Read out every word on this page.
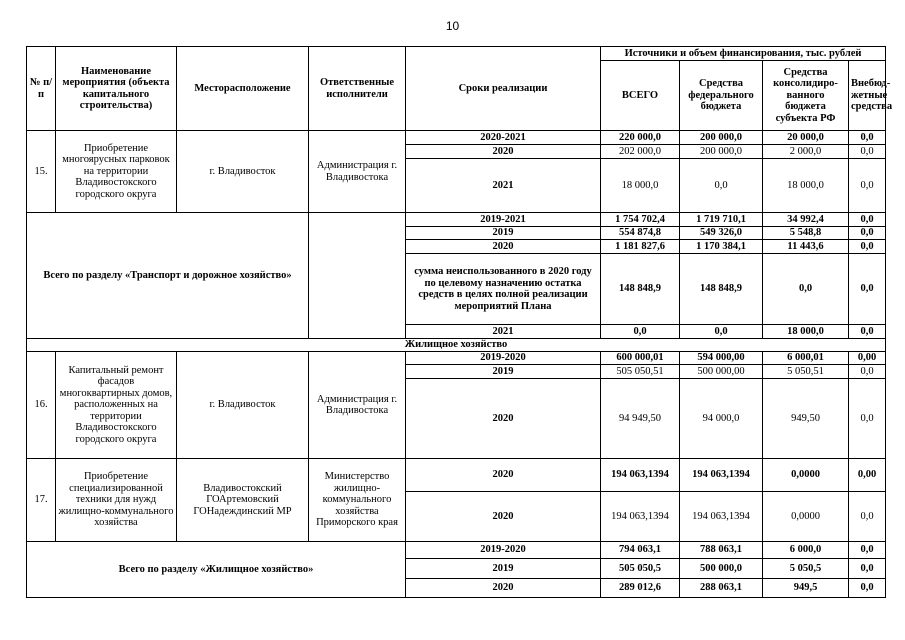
10
№ п/п	Наименование мероприятия (объекта капитального строительства)	Месторасположение	Ответственные исполнители	Сроки реализации	Источники и объем финансирования, тыс. рублей			
					ВСЕГО	Средства федерального бюджета	Средства консолидиро-ванного бюджета субъекта РФ	Внебюд-жетные средства
15.	Приобретение многоярусных парковок на территории Владивостокского городского округа	г. Владивосток	Администрация г. Владивостока	2020-2021	220 000,0	200 000,0	20 000,0	0,0
				2020	202 000,0	200 000,0	2 000,0	0,0
				2021	18 000,0	0,0	18 000,0	0,0
Всего по разделу «Транспорт и дорожное хозяйство»				2019-2021	1 754 702,4	1 719 710,1	34 992,4	0,0
				2019	554 874,8	549 326,0	5 548,8	0,0
				2020	1 181 827,6	1 170 384,1	11 443,6	0,0
				сумма неиспользованного в 2020 году по целевому назначению остатка средств в целях полной реализации мероприятий Плана	148 848,9	148 848,9	0,0	0,0
				2021	0,0	0,0	18 000,0	0,0
Жилищное хозяйство								
16.	Капитальный ремонт фасадов многоквартирных домов, расположенных на территории Владивостокского городского округа	г. Владивосток	Администрация г. Владивостока	2019-2020	600 000,01	594 000,00	6 000,01	0,00
				2019	505 050,51	500 000,00	5 050,51	0,0
				2020	94 949,50	94 000,0	949,50	0,0
17.	Приобретение специализированной техники для нужд жилищно-коммунального хозяйства	Владивостокский ГОАртемовский ГОНадеждинский МР	Министерство жилищно-коммунального хозяйства Приморского края	2020	194 063,1394	194 063,1394	0,0000	0,00
				2020	194 063,1394	194 063,1394	0,0000	0,0
Всего по разделу «Жилищное хозяйство»				2019-2020	794 063,1	788 063,1	6 000,0	0,0
				2019	505 050,5	500 000,0	5 050,5	0,0
				2020	289 012,6	288 063,1	949,5	0,0
